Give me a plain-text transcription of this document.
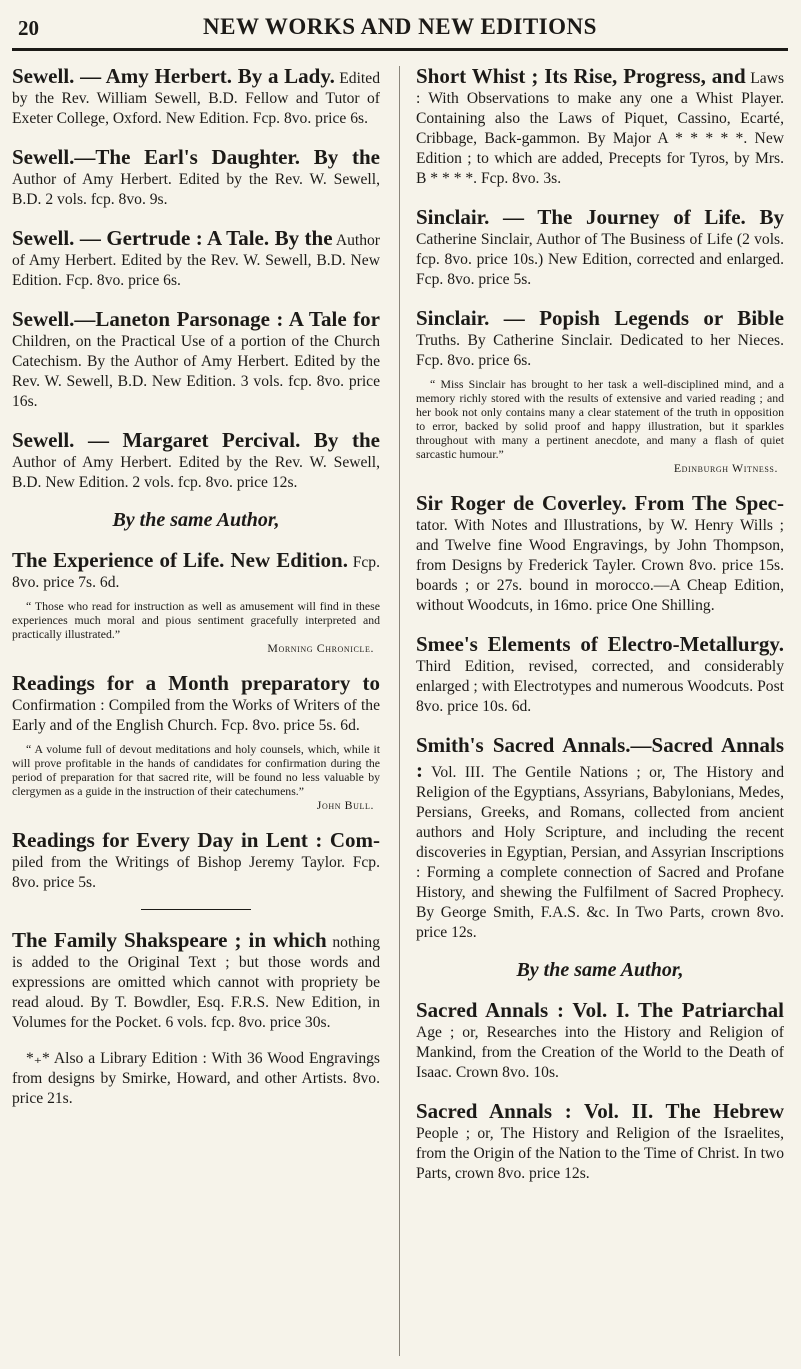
20	NEW WORKS AND NEW EDITIONS

Sewell. — Amy Herbert. By a Lady. Edited by the Rev. William Sewell, B.D. Fellow and Tutor of Exeter College, Oxford. New Edition. Fcp. 8vo. price 6s.

Sewell.—The Earl's Daughter. By the Author of Amy Herbert. Edited by the Rev. W. Sewell, B.D. 2 vols. fcp. 8vo. 9s.

Sewell. — Gertrude : A Tale. By the Author of Amy Herbert. Edited by the Rev. W. Sewell, B.D. New Edition. Fcp. 8vo. price 6s.

Sewell.—Laneton Parsonage : A Tale for Children, on the Practical Use of a portion of the Church Catechism. By the Author of Amy Herbert. Edited by the Rev. W. Sewell, B.D. New Edition. 3 vols. fcp. 8vo. price 16s.

Sewell. — Margaret Percival. By the Author of Amy Herbert. Edited by the Rev. W. Sewell, B.D. New Edition. 2 vols. fcp. 8vo. price 12s.

By the same Author,

The Experience of Life. New Edition. Fcp. 8vo. price 7s. 6d.

“ Those who read for instruction as well as amusement will find in these experiences much moral and pious sentiment gracefully interpreted and practically illustrated.”
Morning Chronicle.

Readings for a Month preparatory to Confirmation : Compiled from the Works of Writers of the Early and of the English Church. Fcp. 8vo. price 5s. 6d.

“ A volume full of devout meditations and holy counsels, which, while it will prove profitable in the hands of candidates for confirmation during the period of preparation for that sacred rite, will be found no less valuable by clergymen as a guide in the instruction of their catechumens.”
John Bull.

Readings for Every Day in Lent : Com- piled from the Writings of Bishop Jeremy Taylor. Fcp. 8vo. price 5s.

The Family Shakspeare ; in which nothing is added to the Original Text ; but those words and expressions are omitted which cannot with propriety be read aloud. By T. Bowdler, Esq. F.R.S. New Edition, in Volumes for the Pocket. 6 vols. fcp. 8vo. price 30s.

*₊* Also a Library Edition : With 36 Wood Engravings from designs by Smirke, Howard, and other Artists. 8vo. price 21s.

Short Whist ; Its Rise, Progress, and Laws : With Observations to make any one a Whist Player. Containing also the Laws of Piquet, Cassino, Ecarté, Cribbage, Back-gammon. By Major A * * * * *. New Edition ; to which are added, Precepts for Tyros, by Mrs. B * * * *. Fcp. 8vo. 3s.

Sinclair. — The Journey of Life. By Catherine Sinclair, Author of The Business of Life (2 vols. fcp. 8vo. price 10s.) New Edition, corrected and enlarged. Fcp. 8vo. price 5s.

Sinclair. — Popish Legends or Bible Truths. By Catherine Sinclair. Dedicated to her Nieces. Fcp. 8vo. price 6s.

“ Miss Sinclair has brought to her task a well-disciplined mind, and a memory richly stored with the results of extensive and varied reading ; and her book not only contains many a clear statement of the truth in opposition to error, backed by solid proof and happy illustration, but it sparkles throughout with many a pertinent anecdote, and many a flash of quiet sarcastic humour.”
Edinburgh Witness.

Sir Roger de Coverley. From The Spec- tator. With Notes and Illustrations, by W. Henry Wills ; and Twelve fine Wood Engravings, by John Thompson, from Designs by Frederick Tayler. Crown 8vo. price 15s. boards ; or 27s. bound in morocco.—A Cheap Edition, without Woodcuts, in 16mo. price One Shilling.

Smee's Elements of Electro-Metallurgy. Third Edition, revised, corrected, and considerably enlarged ; with Electrotypes and numerous Woodcuts. Post 8vo. price 10s. 6d.

Smith's Sacred Annals.—Sacred Annals : Vol. III. The Gentile Nations ; or, The History and Religion of the Egyptians, Assyrians, Babylonians, Medes, Persians, Greeks, and Romans, collected from ancient authors and Holy Scripture, and including the recent discoveries in Egyptian, Persian, and Assyrian Inscriptions : Forming a complete connection of Sacred and Profane History, and shewing the Fulfilment of Sacred Prophecy. By George Smith, F.A.S. &c. In Two Parts, crown 8vo. price 12s.

By the same Author,

Sacred Annals : Vol. I. The Patriarchal Age ; or, Researches into the History and Religion of Mankind, from the Creation of the World to the Death of Isaac. Crown 8vo. 10s.

Sacred Annals : Vol. II. The Hebrew People ; or, The History and Religion of the Israelites, from the Origin of the Nation to the Time of Christ. In two Parts, crown 8vo. price 12s.
